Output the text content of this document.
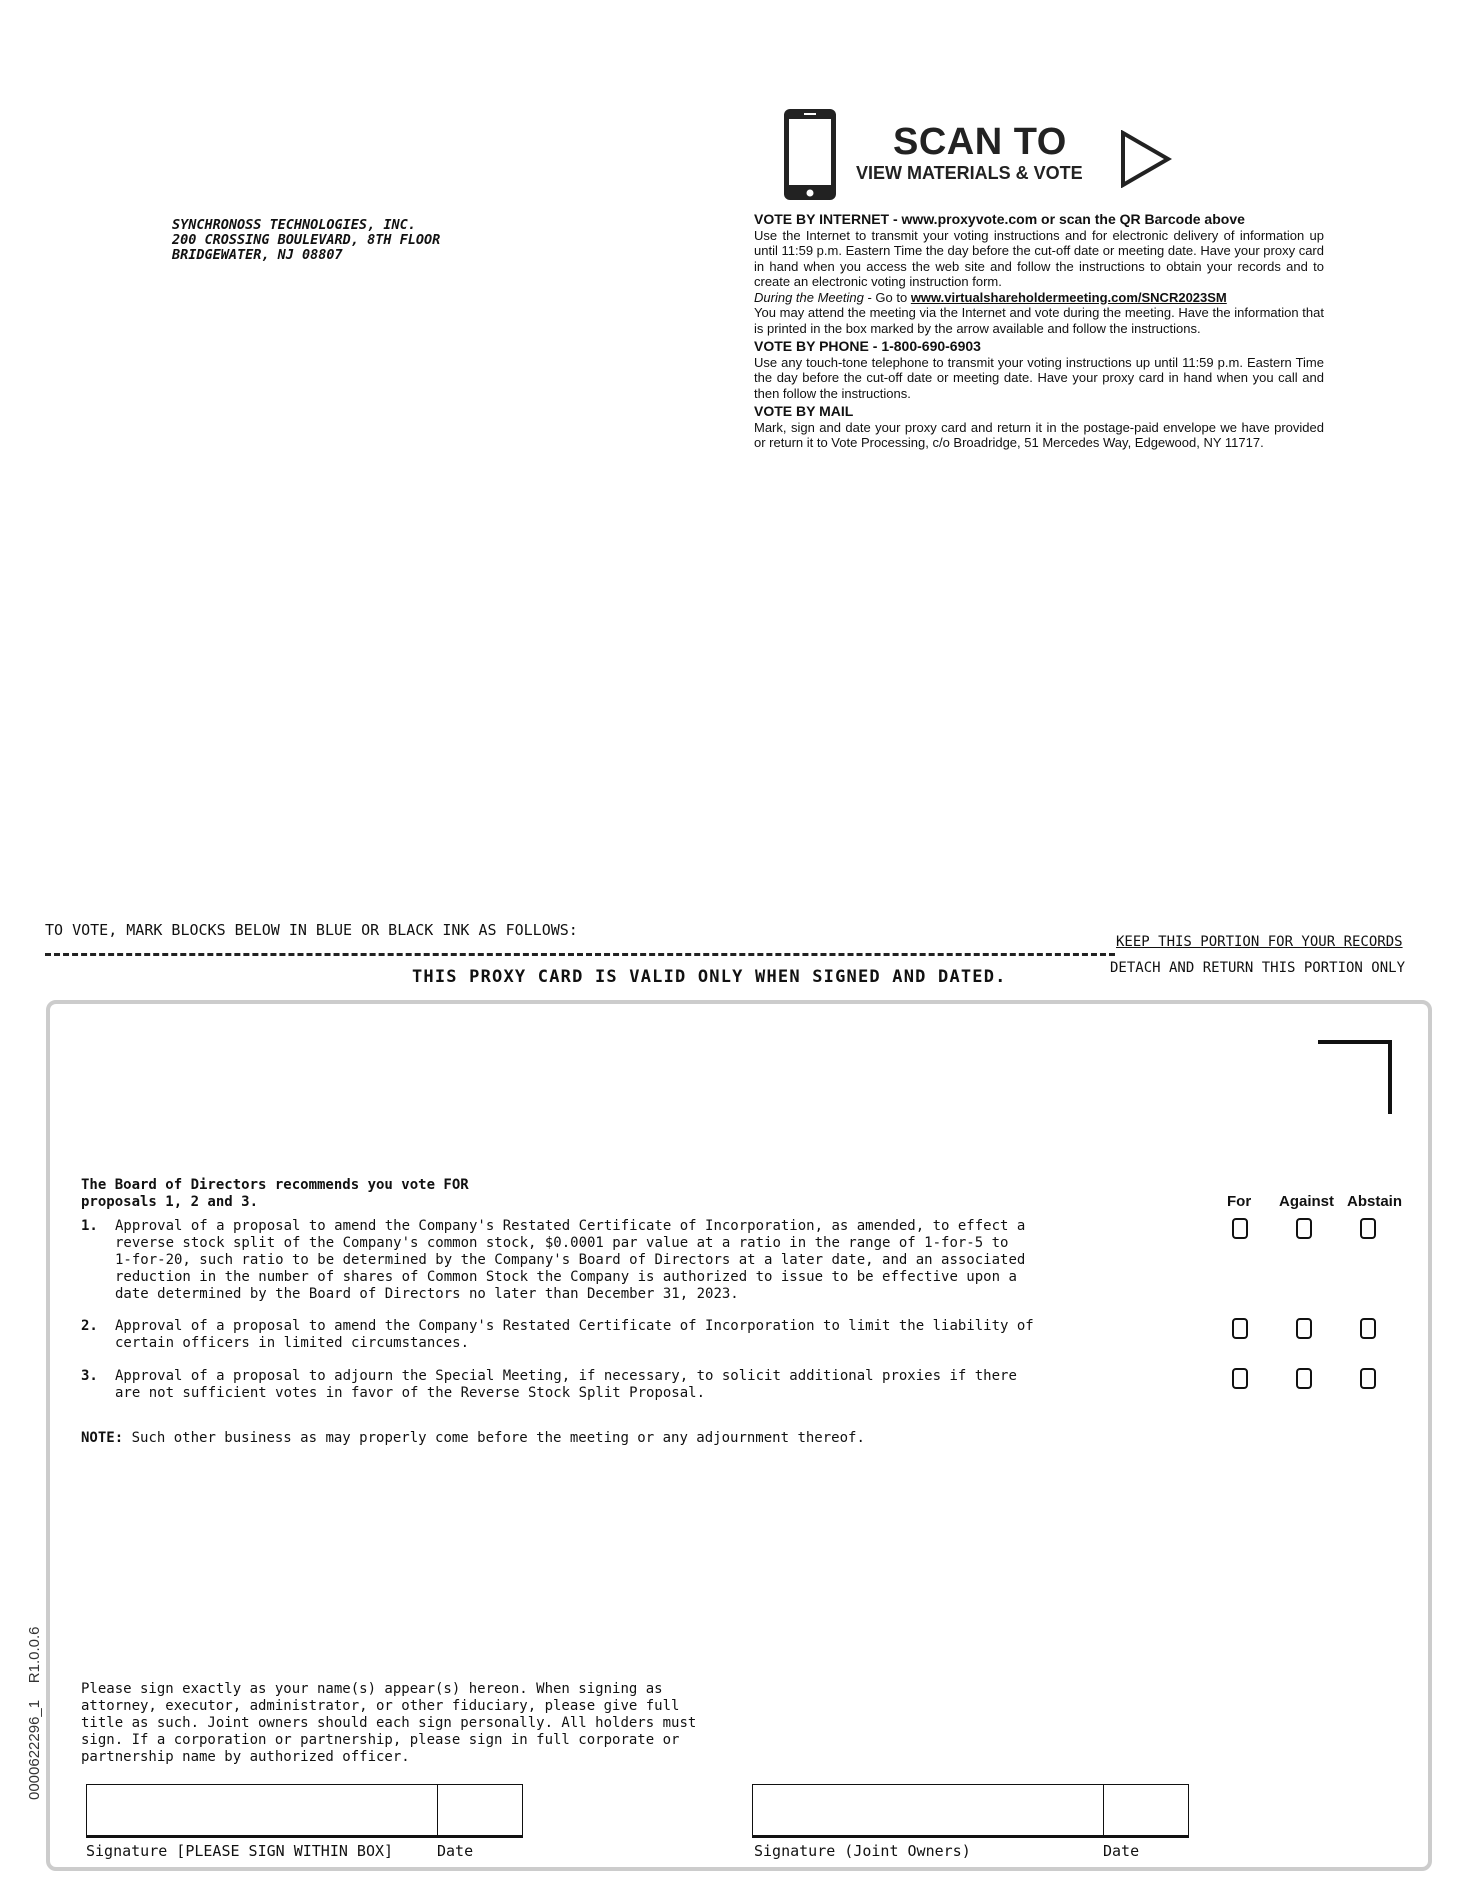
SYNCHRONOSS TECHNOLOGIES, INC.
200 CROSSING BOULEVARD, 8TH FLOOR
BRIDGEWATER, NJ 08807
SCAN TO
VIEW MATERIALS & VOTE
VOTE BY INTERNET - www.proxyvote.com or scan the QR Barcode above

Use the Internet to transmit your voting instructions and for electronic delivery of information up until 11:59 p.m. Eastern Time the day before the cut-off date or meeting date. Have your proxy card in hand when you access the web site and follow the instructions to obtain your records and to create an electronic voting instruction form.

During the Meeting - Go to www.virtualshareholdermeeting.com/SNCR2023SM

You may attend the meeting via the Internet and vote during the meeting. Have the information that is printed in the box marked by the arrow available and follow the instructions.

VOTE BY PHONE - 1-800-690-6903

Use any touch-tone telephone to transmit your voting instructions up until 11:59 p.m. Eastern Time the day before the cut-off date or meeting date. Have your proxy card in hand when you call and then follow the instructions.

VOTE BY MAIL

Mark, sign and date your proxy card and return it in the postage-paid envelope we have provided or return it to Vote Processing, c/o Broadridge, 51 Mercedes Way, Edgewood, NY 11717.

TO VOTE, MARK BLOCKS BELOW IN BLUE OR BLACK INK AS FOLLOWS:
KEEP THIS PORTION FOR YOUR RECORDS
THIS PROXY CARD IS VALID ONLY WHEN SIGNED AND DATED.	DETACH AND RETURN THIS PORTION ONLY
The Board of Directors recommends you vote FOR
proposals 1, 2 and 3.	For Against Abstain
1. Approval of a proposal to amend the Company's Restated Certificate of Incorporation, as amended, to effect a
reverse stock split of the Company's common stock, $0.0001 par value at a ratio in the range of 1-for-5 to
1-for-20, such ratio to be determined by the Company's Board of Directors at a later date, and an associated
reduction in the number of shares of Common Stock the Company is authorized to issue to be effective upon a
date determined by the Board of Directors no later than December 31, 2023.
2. Approval of a proposal to amend the Company's Restated Certificate of Incorporation to limit the liability of
certain officers in limited circumstances.
3. Approval of a proposal to adjourn the Special Meeting, if necessary, to solicit additional proxies if there
are not sufficient votes in favor of the Reverse Stock Split Proposal.
NOTE: Such other business as may properly come before the meeting or any adjournment thereof.
Please sign exactly as your name(s) appear(s) hereon. When signing as
attorney, executor, administrator, or other fiduciary, please give full
title as such. Joint owners should each sign personally. All holders must
sign. If a corporation or partnership, please sign in full corporate or
partnership name by authorized officer.
Signature [PLEASE SIGN WITHIN BOX]	Date	Signature (Joint Owners)	Date
0000622296_1    R1.0.0.6
